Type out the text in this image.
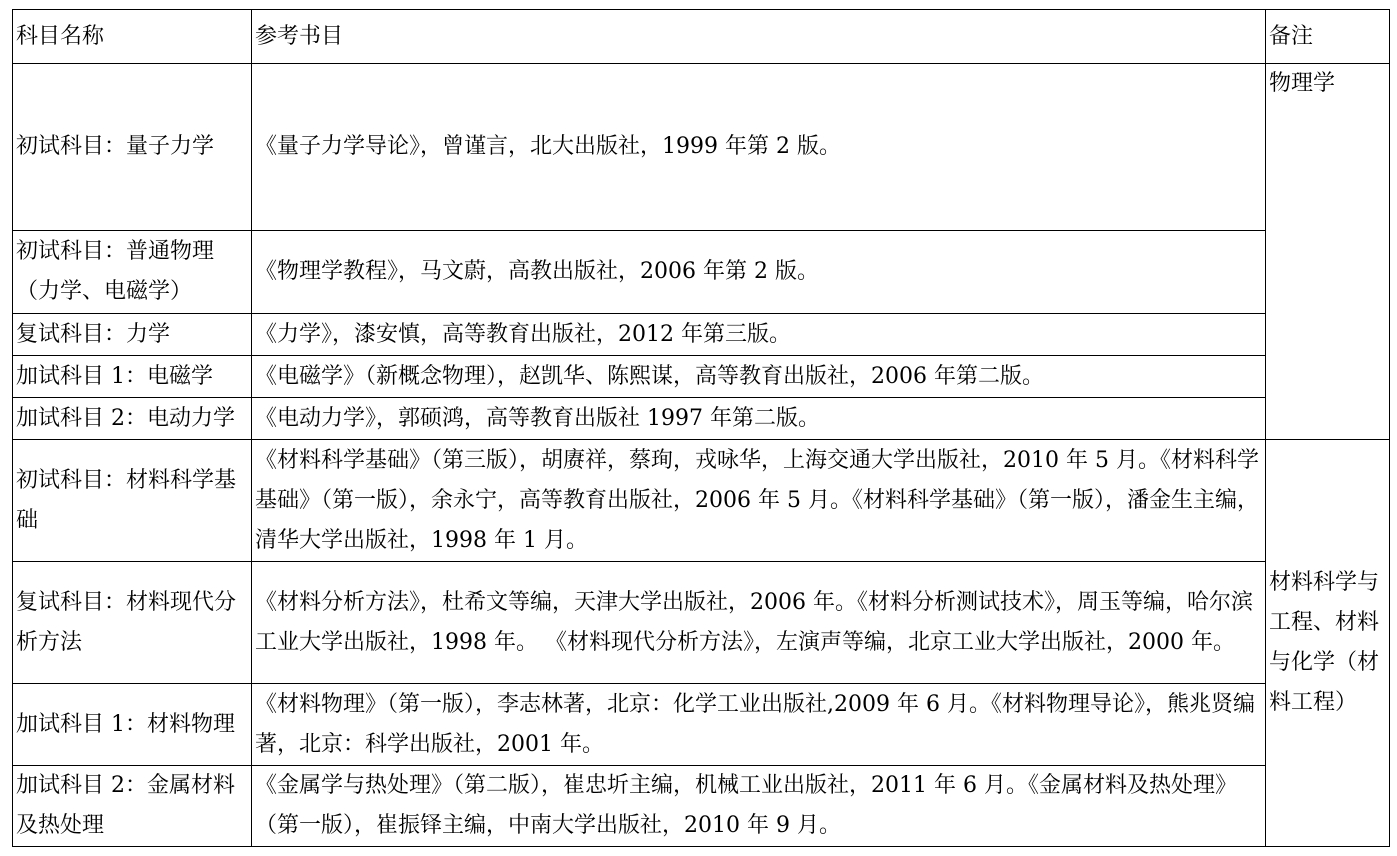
科目名称	参考书目	备注
初试科目：量子力学	《量子力学导论》，曾谨言，北大出版社，1999 年第 2 版。	物理学
初试科目：普通物理（力学、电磁学）	《物理学教程》，马文蔚，高教出版社，2006 年第 2 版。	
复试科目：力学	《力学》，漆安慎，高等教育出版社，2012 年第三版。	
加试科目 1：电磁学	《电磁学》（新概念物理），赵凯华、陈熙谋，高等教育出版社，2006 年第二版。	
加试科目 2：电动力学	《电动力学》，郭硕鸿，高等教育出版社 1997 年第二版。	
初试科目：材料科学基础	《材料科学基础》（第三版），胡赓祥，蔡珣，戎咏华，上海交通大学出版社，2010 年 5 月。《材料科学基础》（第一版），余永宁，高等教育出版社，2006 年 5 月。《材料科学基础》（第一版），潘金生主编，清华大学出版社，1998 年 1 月。	材料科学与工程、材料与化学（材料工程）
复试科目：材料现代分析方法	《材料分析方法》，杜希文等编，天津大学出版社，2006 年。《材料分析测试技术》，周玉等编，哈尔滨工业大学出版社，1998 年。 《材料现代分析方法》，左演声等编，北京工业大学出版社，2000 年。	
加试科目 1：材料物理	《材料物理》（第一版），李志林著，北京：化学工业出版社,2009 年 6 月。《材料物理导论》，熊兆贤编著，北京：科学出版社，2001 年。	
加试科目 2：金属材料及热处理	《金属学与热处理》（第二版），崔忠圻主编，机械工业出版社，2011 年 6 月。《金属材料及热处理》（第一版），崔振铎主编，中南大学出版社，2010 年 9 月。	
